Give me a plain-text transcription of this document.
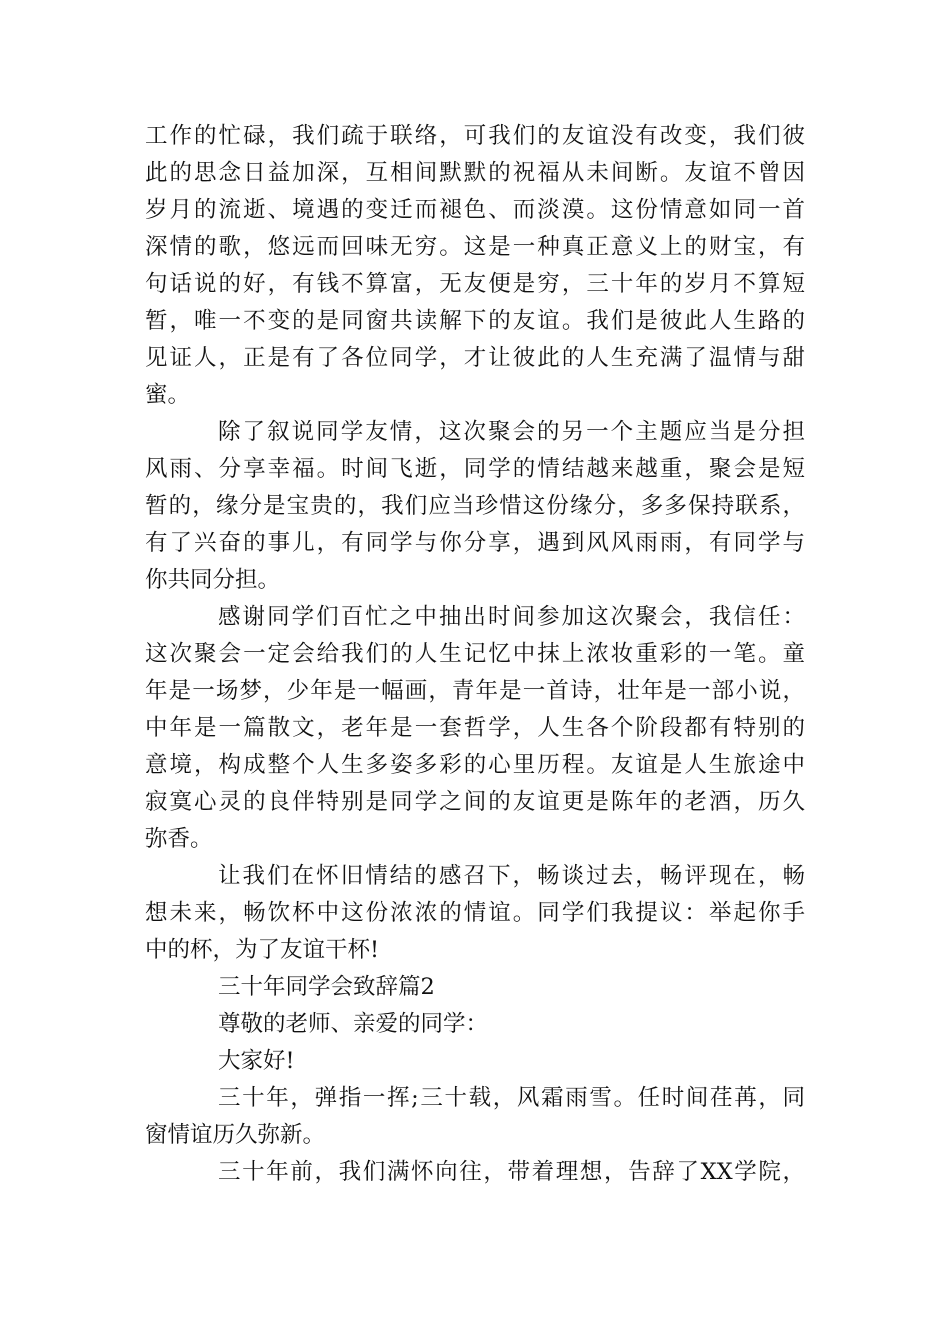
工作的忙碌，我们疏于联络，可我们的友谊没有改变，我们彼
此的思念日益加深，互相间默默的祝福从未间断。友谊不曾因
岁月的流逝、境遇的变迁而褪色、而淡漠。这份情意如同一首
深情的歌，悠远而回味无穷。这是一种真正意义上的财宝，有
句话说的好，有钱不算富，无友便是穷，三十年的岁月不算短
暂，唯一不变的是同窗共读解下的友谊。我们是彼此人生路的
见证人，正是有了各位同学，才让彼此的人生充满了温情与甜
蜜。
除了叙说同学友情，这次聚会的另一个主题应当是分担
风雨、分享幸福。时间飞逝，同学的情结越来越重，聚会是短
暂的，缘分是宝贵的，我们应当珍惜这份缘分，多多保持联系，
有了兴奋的事儿，有同学与你分享，遇到风风雨雨，有同学与
你共同分担。
感谢同学们百忙之中抽出时间参加这次聚会，我信任：
这次聚会一定会给我们的人生记忆中抹上浓妆重彩的一笔。童
年是一场梦，少年是一幅画，青年是一首诗，壮年是一部小说，
中年是一篇散文，老年是一套哲学，人生各个阶段都有特别的
意境，构成整个人生多姿多彩的心里历程。友谊是人生旅途中
寂寞心灵的良伴特别是同学之间的友谊更是陈年的老酒，历久
弥香。
让我们在怀旧情结的感召下，畅谈过去，畅评现在，畅
想未来，畅饮杯中这份浓浓的情谊。同学们我提议：举起你手
中的杯，为了友谊干杯!
三十年同学会致辞篇2
尊敬的老师、亲爱的同学：
大家好!
三十年，弹指一挥;三十载，风霜雨雪。任时间荏苒，同
窗情谊历久弥新。
三十年前，我们满怀向往，带着理想，告辞了XX学院，
